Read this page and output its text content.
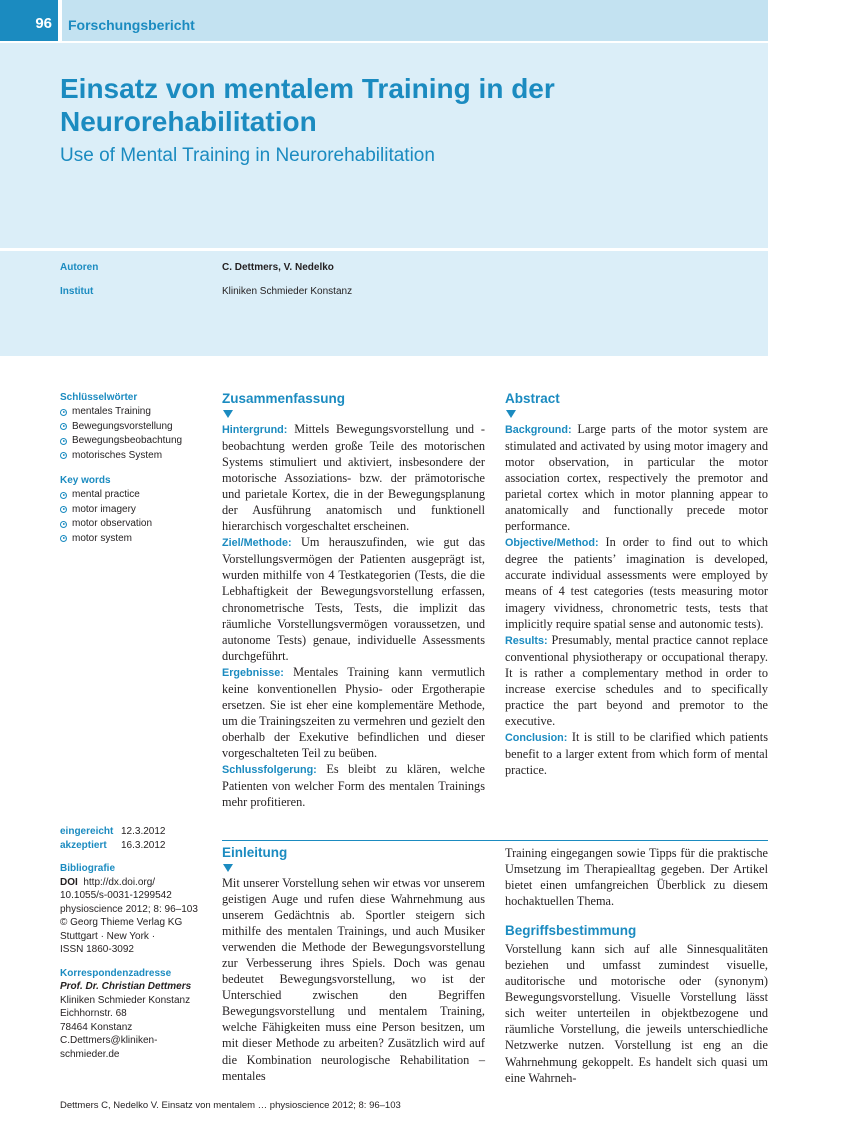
96 Forschungsbericht
Einsatz von mentalem Training in der Neurorehabilitation
Use of Mental Training in Neurorehabilitation
Autoren	C. Dettmers, V. Nedelko
Institut	Kliniken Schmieder Konstanz
Schlüsselwörter
mentales Training
Bewegungsvorstellung
Bewegungsbeobachtung
motorisches System
Key words
mental practice
motor imagery
motor observation
motor system
Zusammenfassung

Hintergrund: Mittels Bewegungsvorstellung und -beobachtung werden große Teile des motorischen Systems stimuliert und aktiviert, insbesondere der motorische Assoziations- bzw. der prämotorische und parietale Kortex, die in der Bewegungsplanung der Ausführung anatomisch und funktionell hierarchisch vorgeschaltet erscheinen.

Ziel/Methode: Um herauszufinden, wie gut das Vorstellungsvermögen der Patienten ausgeprägt ist, wurden mithilfe von 4 Testkategorien (Tests, die die Lebhaftigkeit der Bewegungsvorstellung erfassen, chronometrische Tests, Tests, die implizit das räumliche Vorstellungsvermögen voraussetzen, und autonome Tests) genaue, individuelle Assessments durchgeführt.

Ergebnisse: Mentales Training kann vermutlich keine konventionellen Physio- oder Ergotherapie ersetzen. Sie ist eher eine komplementäre Methode, um die Trainingszeiten zu vermehren und gezielt den oberhalb der Exekutive befindlichen und dieser vorgeschalteten Teil zu beüben.

Schlussfolgerung: Es bleibt zu klären, welche Patienten von welcher Form des mentalen Trainings mehr profitieren.

Abstract

Background: Large parts of the motor system are stimulated and activated by using motor imagery and motor observation, in particular the motor association cortex, respectively the premotor and parietal cortex which in motor planning appear to anatomically and functionally precede motor performance.

Objective/Method: In order to find out to which degree the patients’ imagination is developed, accurate individual assessments were employed by means of 4 test categories (tests measuring motor imagery vividness, chronometric tests, tests that implicitly require spatial sense and autonomic tests).

Results: Presumably, mental practice cannot replace conventional physiotherapy or occupational therapy. It is rather a complementary method in order to increase exercise schedules and to specifically practice the part beyond and premotor to the executive.

Conclusion: It is still to be clarified which patients benefit to a larger extent from which form of mental practice.

eingereicht 12.3.2012
akzeptiert	16.3.2012
Bibliografie
DOI http://dx.doi.org/
10.1055/s-0031-1299542
physioscience 2012; 8: 96–103
© Georg Thieme Verlag KG
Stuttgart · New York ·
ISSN 1860-3092
Korrespondenzadresse
Prof. Dr. Christian Dettmers
Kliniken Schmieder Konstanz
Eichhornstr. 68
78464 Konstanz
C.Dettmers@kliniken-
schmieder.de
Einleitung

Mit unserer Vorstellung sehen wir etwas vor unserem geistigen Auge und rufen diese Wahrnehmung aus unserem Gedächtnis ab. Sportler steigern sich mithilfe des mentalen Trainings, und auch Musiker verwenden die Methode der Bewegungsvorstellung zur Verbesserung ihres Spiels. Doch was genau bedeutet Bewegungsvorstellung, wo ist der Unterschied zwischen den Begriffen Bewegungsvorstellung und mentalem Training, welche Fähigkeiten muss eine Person besitzen, um mit dieser Methode zu arbeiten? Zusätzlich wird auf die Kombination neurologische Rehabilitation – mentales

Training eingegangen sowie Tipps für die praktische Umsetzung im Therapiealltag gegeben. Der Artikel bietet einen umfangreichen Überblick zu diesem hochaktuellen Thema.

Begriffsbestimmung

Vorstellung kann sich auf alle Sinnesqualitäten beziehen und umfasst zumindest visuelle, auditorische und motorische oder (synonym) Bewegungsvorstellung. Visuelle Vorstellung lässt sich weiter unterteilen in objektbezogene und räumliche Vorstellung, die jeweils unterschiedliche Netzwerke nutzen. Vorstellung ist eng an die Wahrnehmung gekoppelt. Es handelt sich quasi um eine Wahrneh-

Dettmers C, Nedelko V. Einsatz von mentalem … physioscience 2012; 8: 96–103
